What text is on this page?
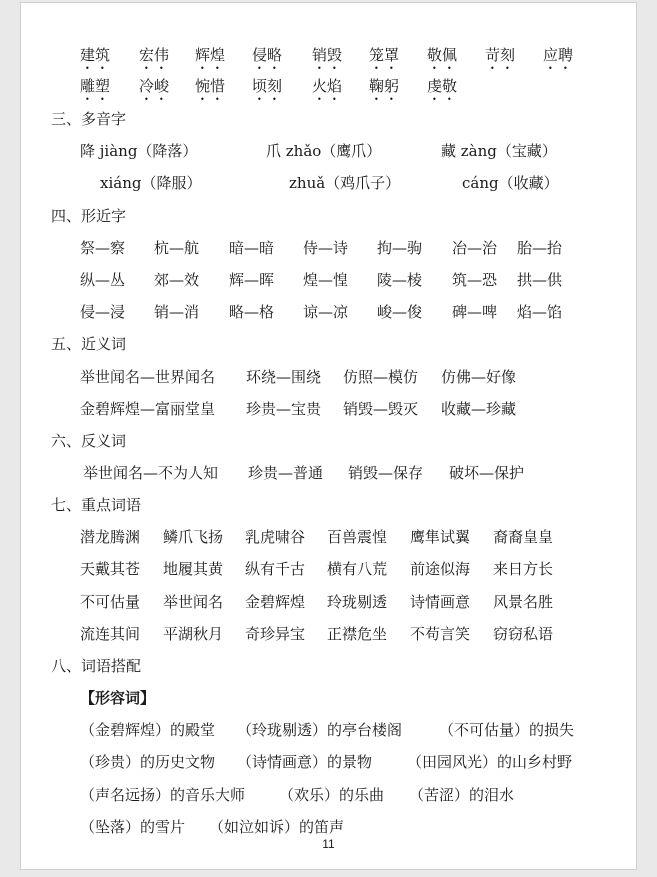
建筑 宏伟 辉煌 侵略 销毁 笼罩 敬佩 苛刻 应聘
雕塑 冷峻 惋惜 顷刻 火焰 鞠躬 虔敬
三、多音字
降 jiàng（降落）	爪 zhǎo（鹰爪）	藏 zàng（宝藏）
xiáng（降服）	zhuǎ（鸡爪子）	cáng（收藏）
四、形近字
祭—察 杭—航 暗—暗 侍—诗 拘—驹 冶—治 胎—抬
纵—丛 郊—效 辉—晖 煌—惶 陵—棱 筑—恐 拱—供
侵—浸 销—消 略—格 谅—凉 峻—俊 碑—啤 焰—馅
五、近义词
举世闻名—世界闻名 环绕—围绕 仿照—模仿 仿佛—好像
金碧辉煌—富丽堂皇 珍贵—宝贵 销毁—毁灭 收藏—珍藏
六、反义词
举世闻名—不为人知 珍贵—普通 销毁—保存 破坏—保护
七、重点词语
潜龙腾渊 鳞爪飞扬 乳虎啸谷 百兽震惶 鹰隼试翼 裔裔皇皇
天戴其苍 地履其黄 纵有千古 横有八荒 前途似海 来日方长
不可估量 举世闻名 金碧辉煌 玲珑剔透 诗情画意 风景名胜
流连其间 平湖秋月 奇珍异宝 正襟危坐 不苟言笑 窃窃私语
八、词语搭配
【形容词】
（金碧辉煌）的殿堂 （玲珑剔透）的亭台楼阁 （不可估量）的损失
（珍贵）的历史文物 （诗情画意）的景物 （田园风光）的山乡村野
（声名远扬）的音乐大师 （欢乐）的乐曲 （苦涩）的泪水
（坠落）的雪片 （如泣如诉）的笛声
11
